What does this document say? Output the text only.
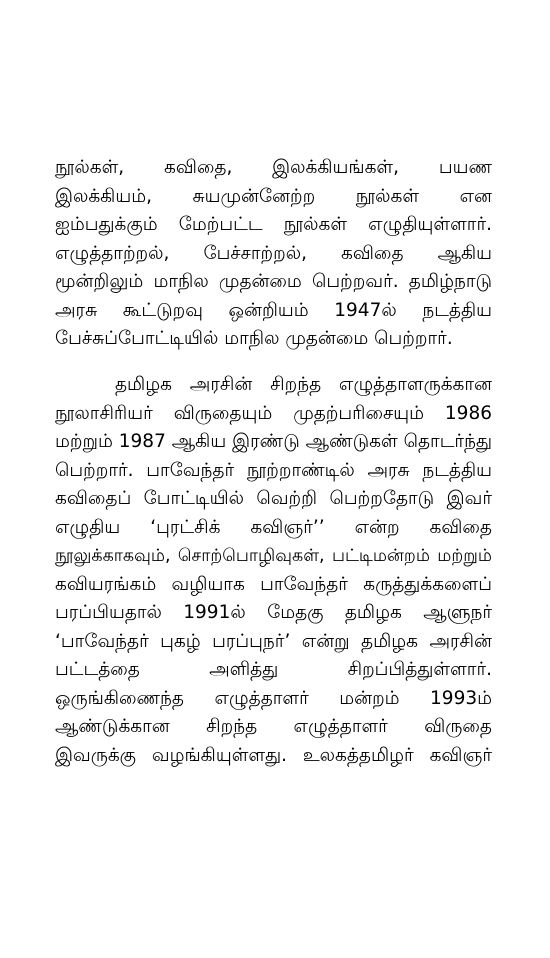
நூல்கள், கவிதை, இலக்கியங்கள், பயண
இலக்கியம், சுயமுன்னேற்ற நூல்கள் என
ஐம்பதுக்கும் மேற்பட்ட நூல்கள் எழுதியுள்ளார்.
எழுத்தாற்றல், பேச்சாற்றல், கவிதை ஆகிய
மூன்றிலும் மாநில முதன்மை பெற்றவர். தமிழ்நாடு
அரசு கூட்டுறவு ஒன்றியம் 1947ல் நடத்திய
பேச்சுப்போட்டியில் மாநில முதன்மை பெற்றார்.
தமிழக அரசின் சிறந்த எழுத்தாளருக்கான
நூலாசிரியர் விருதையும் முதற்பரிசையும் 1986
மற்றும் 1987 ஆகிய இரண்டு ஆண்டுகள் தொடர்ந்து
பெற்றார். பாவேந்தர் நூற்றாண்டில் அரசு நடத்திய
கவிதைப் போட்டியில் வெற்றி பெற்றதோடு இவர்
எழுதிய ‘புரட்சிக் கவிஞர்’’ என்ற கவிதை
நூலுக்காகவும், சொற்பொழிவுகள், பட்டிமன்றம் மற்றும்
கவியரங்கம் வழியாக பாவேந்தர் கருத்துக்களைப்
பரப்பியதால் 1991ல் மேதகு தமிழக ஆளுநர்
‘பாவேந்தர் புகழ் பரப்புநர்’ என்று தமிழக அரசின்
பட்டத்தை அளித்து சிறப்பித்துள்ளார்.
ஒருங்கிணைந்த எழுத்தாளர் மன்றம் 1993ம்
ஆண்டுக்கான சிறந்த எழுத்தாளர் விருதை
இவருக்கு வழங்கியுள்ளது. உலகத்தமிழர் கவிஞர்
